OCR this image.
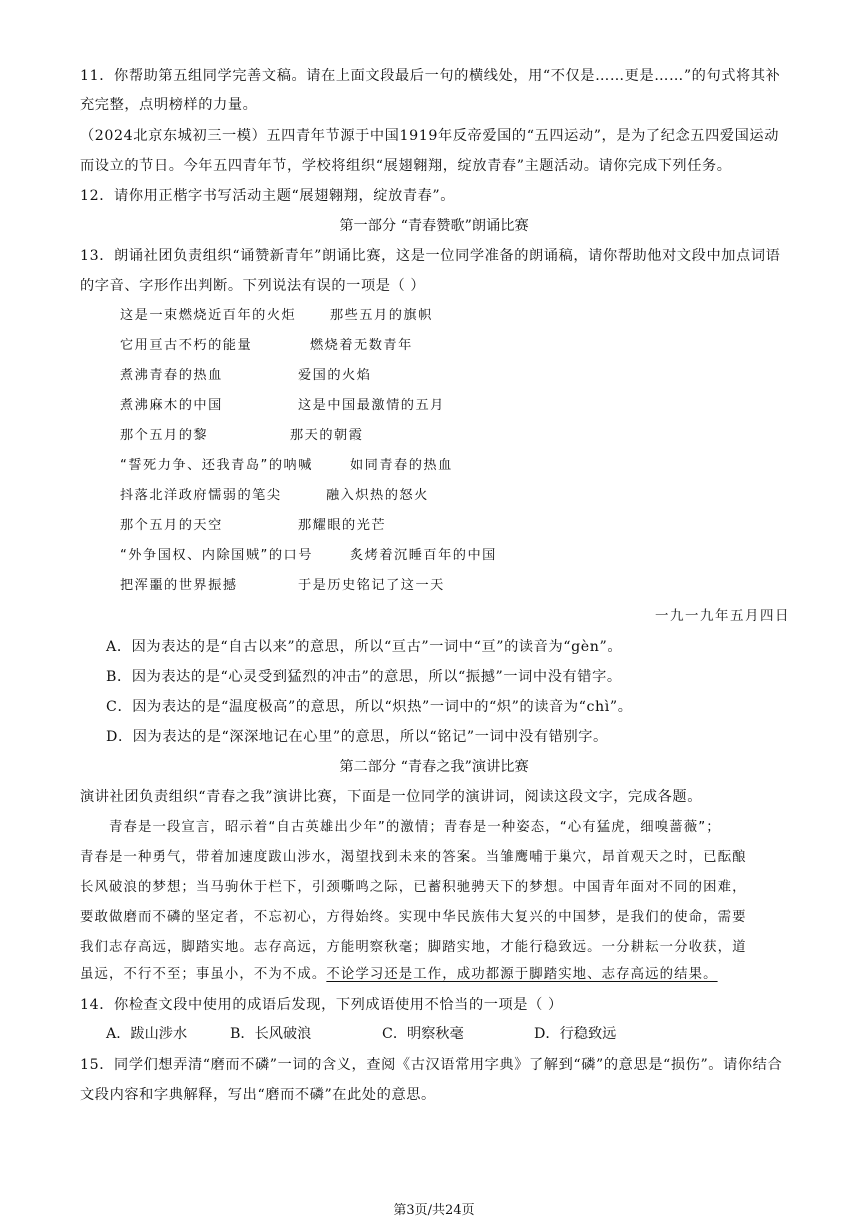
11．你帮助第五组同学完善文稿。请在上面文段最后一句的横线处，用“不仅是……更是……”的句式将其补
充完整，点明榜样的力量。
（2024北京东城初三一模）五四青年节源于中国1919年反帝爱国的“五四运动”，是为了纪念五四爱国运动
而设立的节日。今年五四青年节，学校将组织“展翅翱翔，绽放青春”主题活动。请你完成下列任务。
12．请你用正楷字书写活动主题“展翅翱翔，绽放青春”。
第一部分 “青春赞歌”朗诵比赛
13．朗诵社团负责组织“诵赞新青年”朗诵比赛，这是一位同学准备的朗诵稿，请你帮助他对文段中加点词语
的字音、字形作出判断。下列说法有误的一项是（ ）
这是一束燃烧近百年的火炬	那些五月的旗帜
它用亘古不朽的能量	燃烧着无数青年
煮沸青春的热血	爱国的火焰
煮沸麻木的中国	这是中国最激情的五月
那个五月的黎	那天的朝霞
“誓死力争、还我青岛”的呐喊	如同青春的热血
抖落北洋政府懦弱的笔尖	融入炽热的怒火
那个五月的天空	那耀眼的光芒
“外争国权、内除国贼”的口号	炙烤着沉睡百年的中国
把浑噩的世界振撼	于是历史铭记了这一天
一九一九年五月四日
A．因为表达的是“自古以来”的意思，所以“亘古”一词中“亘”的读音为“gèn”。
B．因为表达的是“心灵受到猛烈的冲击”的意思，所以“振撼”一词中没有错字。
C．因为表达的是“温度极高”的意思，所以“炽热”一词中的“炽”的读音为“chì”。
D．因为表达的是“深深地记在心里”的意思，所以“铭记”一词中没有错别字。
第二部分 “青春之我”演讲比赛
演讲社团负责组织“青春之我”演讲比赛，下面是一位同学的演讲词，阅读这段文字，完成各题。
　　青春是一段宣言，昭示着“自古英雄出少年”的激情；青春是一种姿态，“心有猛虎，细嗅蔷薇”；
青春是一种勇气，带着加速度跋山涉水，渴望找到未来的答案。当雏鹰哺于巢穴，昂首观天之时，已酝酿
长风破浪的梦想；当马驹休于栏下，引颈嘶鸣之际，已蓄积驰骋天下的梦想。中国青年面对不同的困难，
要敢做磨而不磷的坚定者，不忘初心，方得始终。实现中华民族伟大复兴的中国梦，是我们的使命，需要
我们志存高远，脚踏实地。志存高远，方能明察秋毫；脚踏实地，才能行稳致远。一分耕耘一分收获，道
虽远，不行不至；事虽小，不为不成。不论学习还是工作，成功都源于脚踏实地、志存高远的结果。
14．你检查文段中使用的成语后发现，下列成语使用不恰当的一项是（ ）
A．跋山涉水	B．长风破浪	C．明察秋毫	D．行稳致远
15．同学们想弄清“磨而不磷”一词的含义，查阅《古汉语常用字典》了解到“磷”的意思是“损伤”。请你结合
文段内容和字典解释，写出“磨而不磷”在此处的意思。
第3页/共24页
